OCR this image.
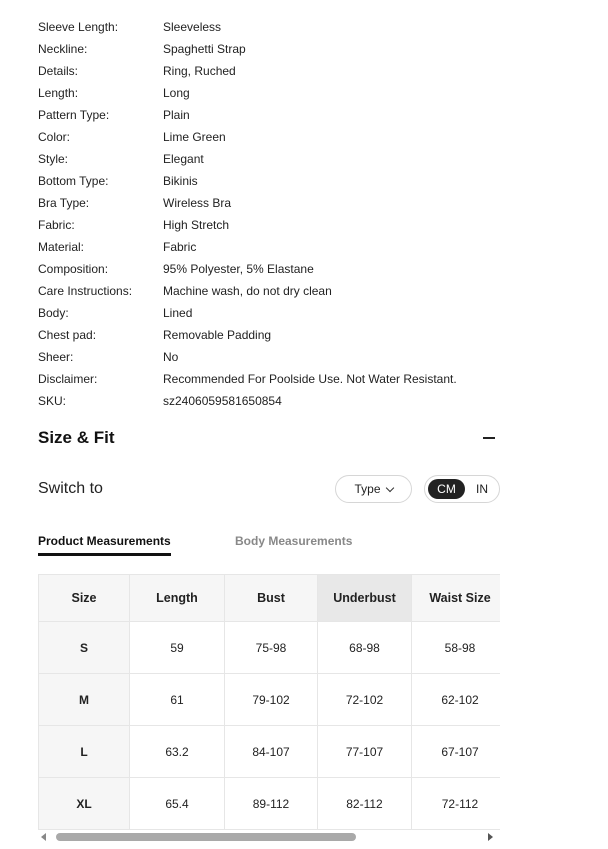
Sleeve Length:	Sleeveless
Neckline:	Spaghetti Strap
Details:	Ring, Ruched
Length:	Long
Pattern Type:	Plain
Color:	Lime Green
Style:	Elegant
Bottom Type:	Bikinis
Bra Type:	Wireless Bra
Fabric:	High Stretch
Material:	Fabric
Composition:	95% Polyester, 5% Elastane
Care Instructions:	Machine wash, do not dry clean
Body:	Lined
Chest pad:	Removable Padding
Sheer:	No
Disclaimer:	Recommended For Poolside Use. Not Water Resistant.
SKU:	sz2406059581650854
Size & Fit
Switch to	Type	CM	IN
Product Measurements	Body Measurements
Size	Length	Bust	Underbust	Waist Size
S	59	75-98	68-98	58-98
M	61	79-102	72-102	62-102
L	63.2	84-107	77-107	67-107
XL	65.4	89-112	82-112	72-112
